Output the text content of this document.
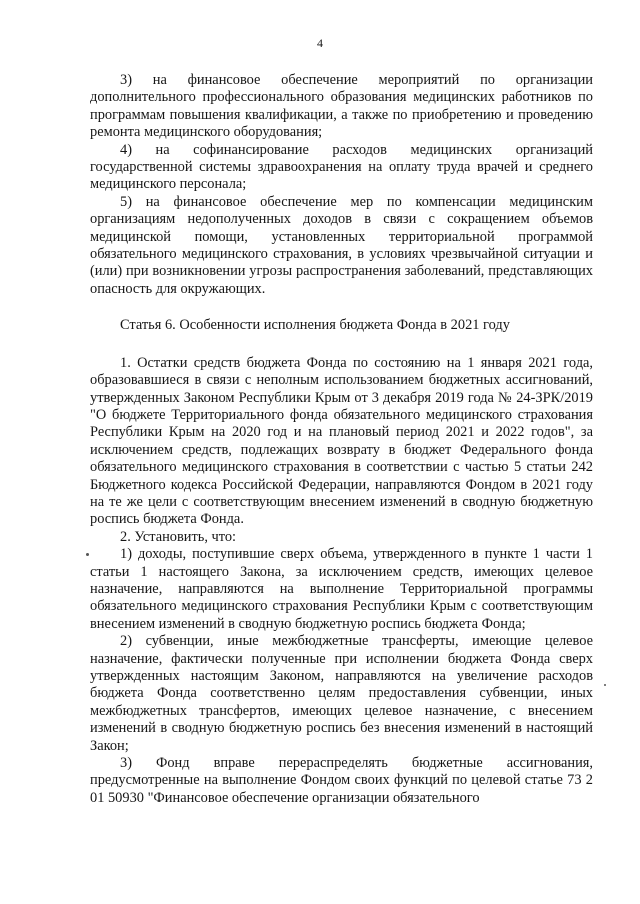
4

3) на финансовое обеспечение мероприятий по организации дополнительного профессионального образования медицинских работников по программам повышения квалификации, а также по приобретению и проведению ремонта медицинского оборудования;

4) на софинансирование расходов медицинских организаций государственной системы здравоохранения на оплату труда врачей и среднего медицинского персонала;

5) на финансовое обеспечение мер по компенсации медицинским организациям недополученных доходов в связи с сокращением объемов медицинской помощи, установленных территориальной программой обязательного медицинского страхования, в условиях чрезвычайной ситуации и (или) при возникновении угрозы распространения заболеваний, представляющих опасность для окружающих.

Статья 6. Особенности исполнения бюджета Фонда в 2021 году

1. Остатки средств бюджета Фонда по состоянию на 1 января 2021 года, образовавшиеся в связи с неполным использованием бюджетных ассигнований, утвержденных Законом Республики Крым от 3 декабря 2019 года № 24-ЗРК/2019 "О бюджете Территориального фонда обязательного медицинского страхования Республики Крым на 2020 год и на плановый период 2021 и 2022 годов", за исключением средств, подлежащих возврату в бюджет Федерального фонда обязательного медицинского страхования в соответствии с частью 5 статьи 242 Бюджетного кодекса Российской Федерации, направляются Фондом в 2021 году на те же цели с соответствующим внесением изменений в сводную бюджетную роспись бюджета Фонда.

2. Установить, что:

1) доходы, поступившие сверх объема, утвержденного в пункте 1 части 1 статьи 1 настоящего Закона, за исключением средств, имеющих целевое назначение, направляются на выполнение Территориальной программы обязательного медицинского страхования Республики Крым с соответствующим внесением изменений в сводную бюджетную роспись бюджета Фонда;

2) субвенции, иные межбюджетные трансферты, имеющие целевое назначение, фактически полученные при исполнении бюджета Фонда сверх утвержденных настоящим Законом, направляются на увеличение расходов бюджета Фонда соответственно целям предоставления субвенции, иных межбюджетных трансфертов, имеющих целевое назначение, с внесением изменений в сводную бюджетную роспись без внесения изменений в настоящий Закон;

3) Фонд вправе перераспределять бюджетные ассигнования, предусмотренные на выполнение Фондом своих функций по целевой статье 73 2 01 50930 "Финансовое обеспечение организации обязательного
